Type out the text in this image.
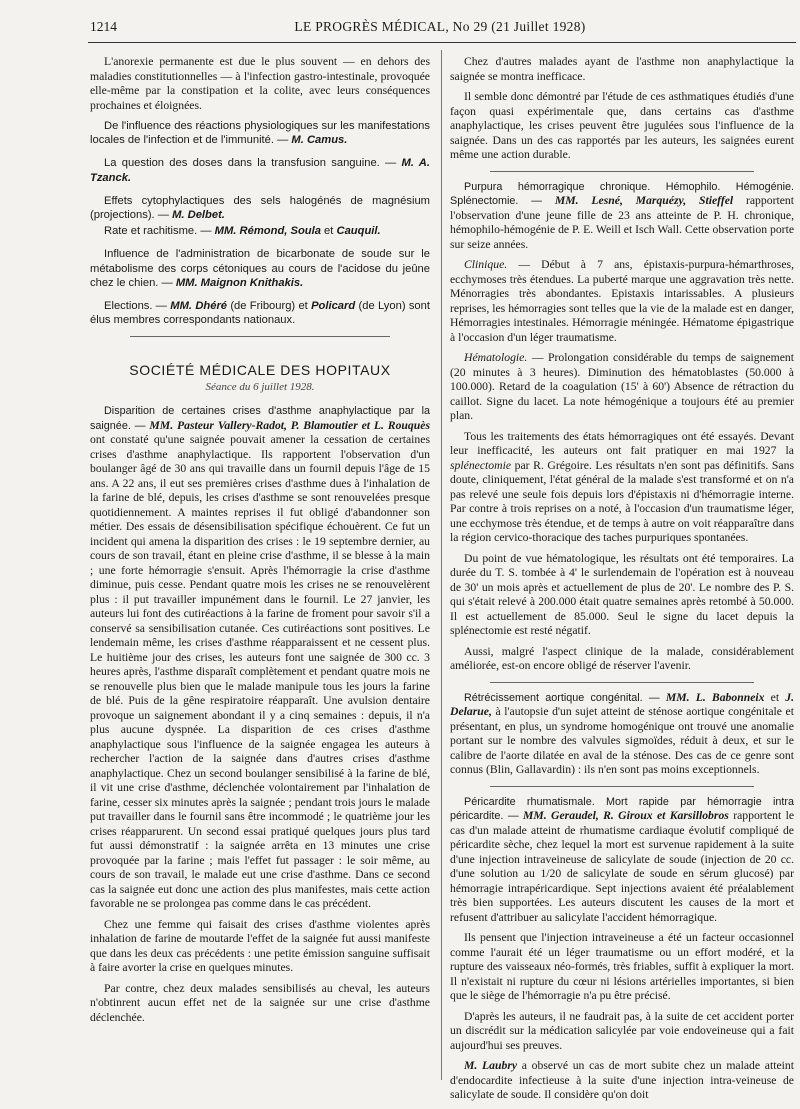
1214	LE PROGRÈS MÉDICAL, No 29 (21 Juillet 1928)

L'anorexie permanente est due le plus souvent — en dehors des maladies constitutionnelles — à l'infection gastro-intestinale, provoquée elle-même par la constipation et la colite, avec leurs conséquences prochaines et éloignées.

De l'influence des réactions physiologiques sur les manifestations locales de l'infection et de l'immunité. — M. Camus.

La question des doses dans la transfusion sanguine. — M. A. Tzanck.

Effets cytophylactiques des sels halogénés de magnésium (projections). — M. Delbet.

Rate et rachitisme. — MM. Rémond, Soula et Cauquil.

Influence de l'administration de bicarbonate de soude sur le métabolisme des corps cétoniques au cours de l'acidose du jeûne chez le chien. — MM. Maignon Knithakis.

Elections. — MM. Dhéré (de Fribourg) et Policard (de Lyon) sont élus membres correspondants nationaux.

SOCIÉTÉ MÉDICALE DES HOPITAUX
Séance du 6 juillet 1928.

Disparition de certaines crises d'asthme anaphylactique par la saignée. — MM. Pasteur Vallery-Radot, P. Blamoutier et L. Rouquès ont constaté qu'une saignée pouvait amener la cessation de certaines crises d'asthme anaphylactique. Ils rapportent l'observation d'un boulanger âgé de 30 ans qui travaille dans un fournil depuis l'âge de 15 ans. A 22 ans, il eut ses premières crises d'asthme dues à l'inhalation de la farine de blé, depuis, les crises d'asthme se sont renouvelées presque quotidiennement. A maintes reprises il fut obligé d'abandonner son métier. Des essais de désensibilisation spécifique échouèrent. Ce fut un incident qui amena la disparition des crises : le 19 septembre dernier, au cours de son travail, étant en pleine crise d'asthme, il se blesse à la main ; une forte hémorragie s'ensuit. Après l'hémorragie la crise d'asthme diminue, puis cesse. Pendant quatre mois les crises ne se renouvelèrent plus : il put travailler impunément dans le fournil. Le 27 janvier, les auteurs lui font des cutiréactions à la farine de froment pour savoir s'il a conservé sa sensibilisation cutanée. Ces cutiréactions sont positives. Le lendemain même, les crises d'asthme réapparaissent et ne cessent plus. Le huitième jour des crises, les auteurs font une saignée de 300 cc. 3 heures après, l'asthme disparaît complètement et pendant quatre mois ne se renouvelle plus bien que le malade manipule tous les jours la farine de blé. Puis de la gêne respiratoire réapparaît. Une avulsion dentaire provoque un saignement abondant il y a cinq semaines : depuis, il n'a plus aucune dyspnée. La disparition de ces crises d'asthme anaphylactique sous l'influence de la saignée engagea les auteurs à rechercher l'action de la saignée dans d'autres crises d'asthme anaphylactique. Chez un second boulanger sensibilisé à la farine de blé, il vit une crise d'asthme, déclenchée volontairement par l'inhalation de farine, cesser six minutes après la saignée ; pendant trois jours le malade put travailler dans le fournil sans être incommodé ; le quatrième jour les crises réapparurent. Un second essai pratiqué quelques jours plus tard fut aussi démonstratif : la saignée arrêta en 13 minutes une crise provoquée par la farine ; mais l'effet fut passager : le soir même, au cours de son travail, le malade eut une crise d'asthme. Dans ce second cas la saignée eut donc une action des plus manifestes, mais cette action favorable ne se prolongea pas comme dans le cas précédent.

Chez une femme qui faisait des crises d'asthme violentes après inhalation de farine de moutarde l'effet de la saignée fut aussi manifeste que dans les deux cas précédents : une petite émission sanguine suffisait à faire avorter la crise en quelques minutes.

Par contre, chez deux malades sensibilisés au cheval, les auteurs n'obtinrent aucun effet net de la saignée sur une crise d'asthme déclenchée.

Chez d'autres malades ayant de l'asthme non anaphylactique la saignée se montra inefficace.

Il semble donc démontré par l'étude de ces asthmatiques étudiés d'une façon quasi expérimentale que, dans certains cas d'asthme anaphylactique, les crises peuvent être jugulées sous l'influence de la saignée. Dans un des cas rapportés par les auteurs, les saignées eurent même une action durable.

Purpura hémorragique chronique. Hémophilo. Hémogénie. Splénectomie. — MM. Lesné, Marquézy, Stieffel rapportent l'observation d'une jeune fille de 23 ans atteinte de P. H. chronique, hémophilo-hémogénie de P. E. Weill et Isch Wall. Cette observation porte sur seize années.

Clinique. — Début à 7 ans, épistaxis-purpura-hémarthroses, ecchymoses très étendues. La puberté marque une aggravation très nette. Ménorragies très abondantes. Epistaxis intarissables. A plusieurs reprises, les hémorragies sont telles que la vie de la malade est en danger, Hémorragies intestinales. Hémorragie méningée. Hématome épigastrique à l'occasion d'un léger traumatisme.

Hématologie. — Prolongation considérable du temps de saignement (20 minutes à 3 heures). Diminution des hématoblastes (50.000 à 100.000). Retard de la coagulation (15' à 60') Absence de rétraction du caillot. Signe du lacet. La note hémogénique a toujours été au premier plan.

Tous les traitements des états hémorragiques ont été essayés. Devant leur inefficacité, les auteurs ont fait pratiquer en mai 1927 la splénectomie par R. Grégoire. Les résultats n'en sont pas définitifs. Sans doute, cliniquement, l'état général de la malade s'est transformé et on n'a pas relevé une seule fois depuis lors d'épistaxis ni d'hémorragie interne. Par contre à trois reprises on a noté, à l'occasion d'un traumatisme léger, une ecchymose très étendue, et de temps à autre on voit réapparaître dans la région cervico-thoracique des taches purpuriques spontanées.

Du point de vue hématologique, les résultats ont été temporaires. La durée du T. S. tombée à 4' le surlendemain de l'opération est à nouveau de 30' un mois après et actuellement de plus de 20'. Le nombre des P. S. qui s'était relevé à 200.000 était quatre semaines après retombé à 50.000. Il est actuellement de 85.000. Seul le signe du lacet depuis la splénectomie est resté négatif.

Aussi, malgré l'aspect clinique de la malade, considérablement améliorée, est-on encore obligé de réserver l'avenir.

Rétrécissement aortique congénital. — MM. L. Babonneix et J. Delarue, à l'autopsie d'un sujet atteint de sténose aortique congénitale et présentant, en plus, un syndrome homogénique ont trouvé une anomalie portant sur le nombre des valvules sigmoïdes, réduit à deux, et sur le calibre de l'aorte dilatée en aval de la sténose. Des cas de ce genre sont connus (Blin, Gallavardin) : ils n'en sont pas moins exceptionnels.

Péricardite rhumatismale. Mort rapide par hémorragie intra péricardite. — MM. Geraudel, R. Giroux et Karsillobros rapportent le cas d'un malade atteint de rhumatisme cardiaque évolutif compliqué de péricardite sèche, chez lequel la mort est survenue rapidement à la suite d'une injection intraveineuse de salicylate de soude (injection de 20 cc. d'une solution au 1/20 de salicylate de soude en sérum glucosé) par hémorragie intrapéricardique. Sept injections avaient été préalablement très bien supportées. Les auteurs discutent les causes de la mort et refusent d'attribuer au salicylate l'accident hémorragique.

Ils pensent que l'injection intraveineuse a été un facteur occasionnel comme l'aurait été un léger traumatisme ou un effort modéré, et la rupture des vaisseaux néo-formés, très friables, suffit à expliquer la mort. Il n'existait ni rupture du cœur ni lésions artérielles importantes, si bien que le siège de l'hémorragie n'a pu être précisé.

D'après les auteurs, il ne faudrait pas, à la suite de cet accident porter un discrédit sur la médication salicylée par voie endoveineuse qui a fait aujourd'hui ses preuves.

M. Laubry a observé un cas de mort subite chez un malade atteint d'endocardite infectieuse à la suite d'une injection intra-veineuse de salicylate de soude. Il considère qu'on doit
